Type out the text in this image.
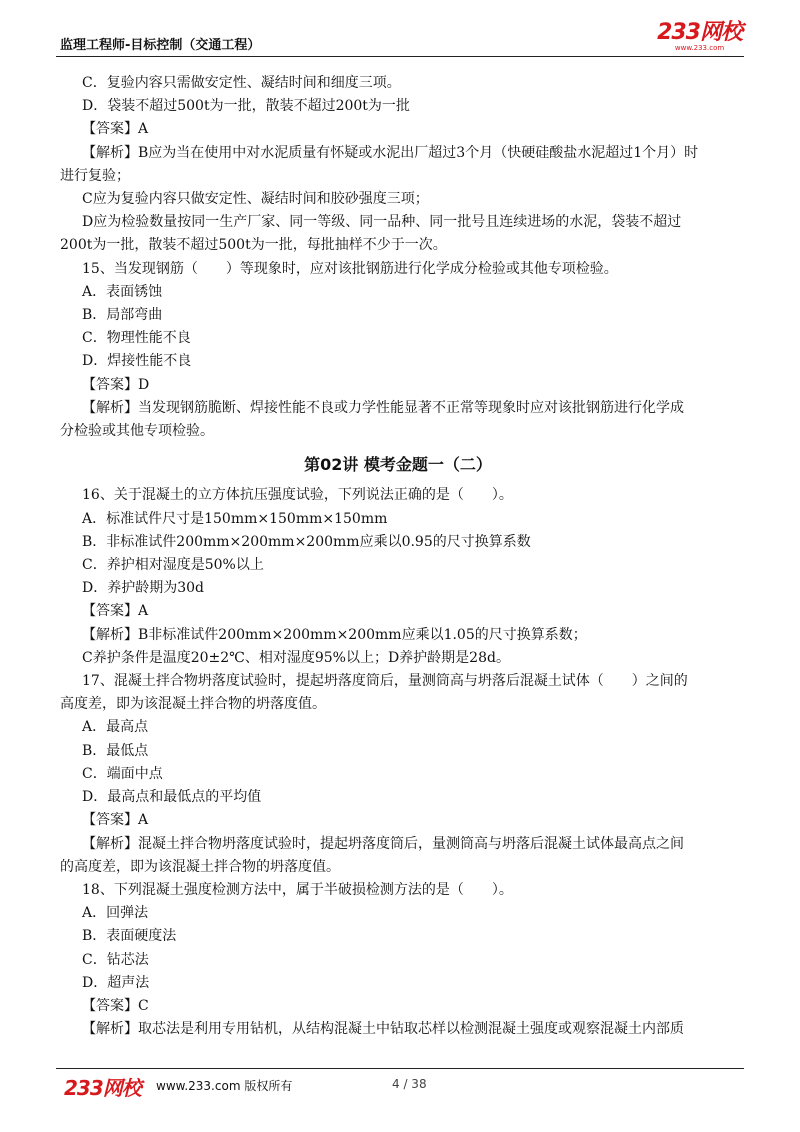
监理工程师-目标控制（交通工程）
233网校
www.233.com
C．复验内容只需做安定性、凝结时间和细度三项。
D．袋装不超过500t为一批，散装不超过200t为一批
【答案】A
【解析】B应为当在使用中对水泥质量有怀疑或水泥出厂超过3个月（快硬硅酸盐水泥超过1个月）时
进行复验；
C应为复验内容只做安定性、凝结时间和胶砂强度三项；
D应为检验数量按同一生产厂家、同一等级、同一品种、同一批号且连续进场的水泥，袋装不超过
200t为一批，散装不超过500t为一批，每批抽样不少于一次。
15、当发现钢筋（　　）等现象时，应对该批钢筋进行化学成分检验或其他专项检验。
A．表面锈蚀
B．局部弯曲
C．物理性能不良
D．焊接性能不良
【答案】D
【解析】当发现钢筋脆断、焊接性能不良或力学性能显著不正常等现象时应对该批钢筋进行化学成
分检验或其他专项检验。
第02讲 模考金题一（二）
16、关于混凝土的立方体抗压强度试验，下列说法正确的是（　　）。
A．标准试件尺寸是150mm×150mm×150mm
B．非标准试件200mm×200mm×200mm应乘以0.95的尺寸换算系数
C．养护相对湿度是50%以上
D．养护龄期为30d
【答案】A
【解析】B非标准试件200mm×200mm×200mm应乘以1.05的尺寸换算系数；
C养护条件是温度20±2℃、相对湿度95%以上；D养护龄期是28d。
17、混凝土拌合物坍落度试验时，提起坍落度筒后，量测筒高与坍落后混凝土试体（　　）之间的
高度差，即为该混凝土拌合物的坍落度值。
A．最高点
B．最低点
C．端面中点
D．最高点和最低点的平均值
【答案】A
【解析】混凝土拌合物坍落度试验时，提起坍落度筒后，量测筒高与坍落后混凝土试体最高点之间
的高度差，即为该混凝土拌合物的坍落度值。
18、下列混凝土强度检测方法中，属于半破损检测方法的是（　　）。
A．回弹法
B．表面硬度法
C．钻芯法
D．超声法
【答案】C
【解析】取芯法是利用专用钻机，从结构混凝土中钻取芯样以检测混凝土强度或观察混凝土内部质
233网校 www.233.com 版权所有	4 / 38
